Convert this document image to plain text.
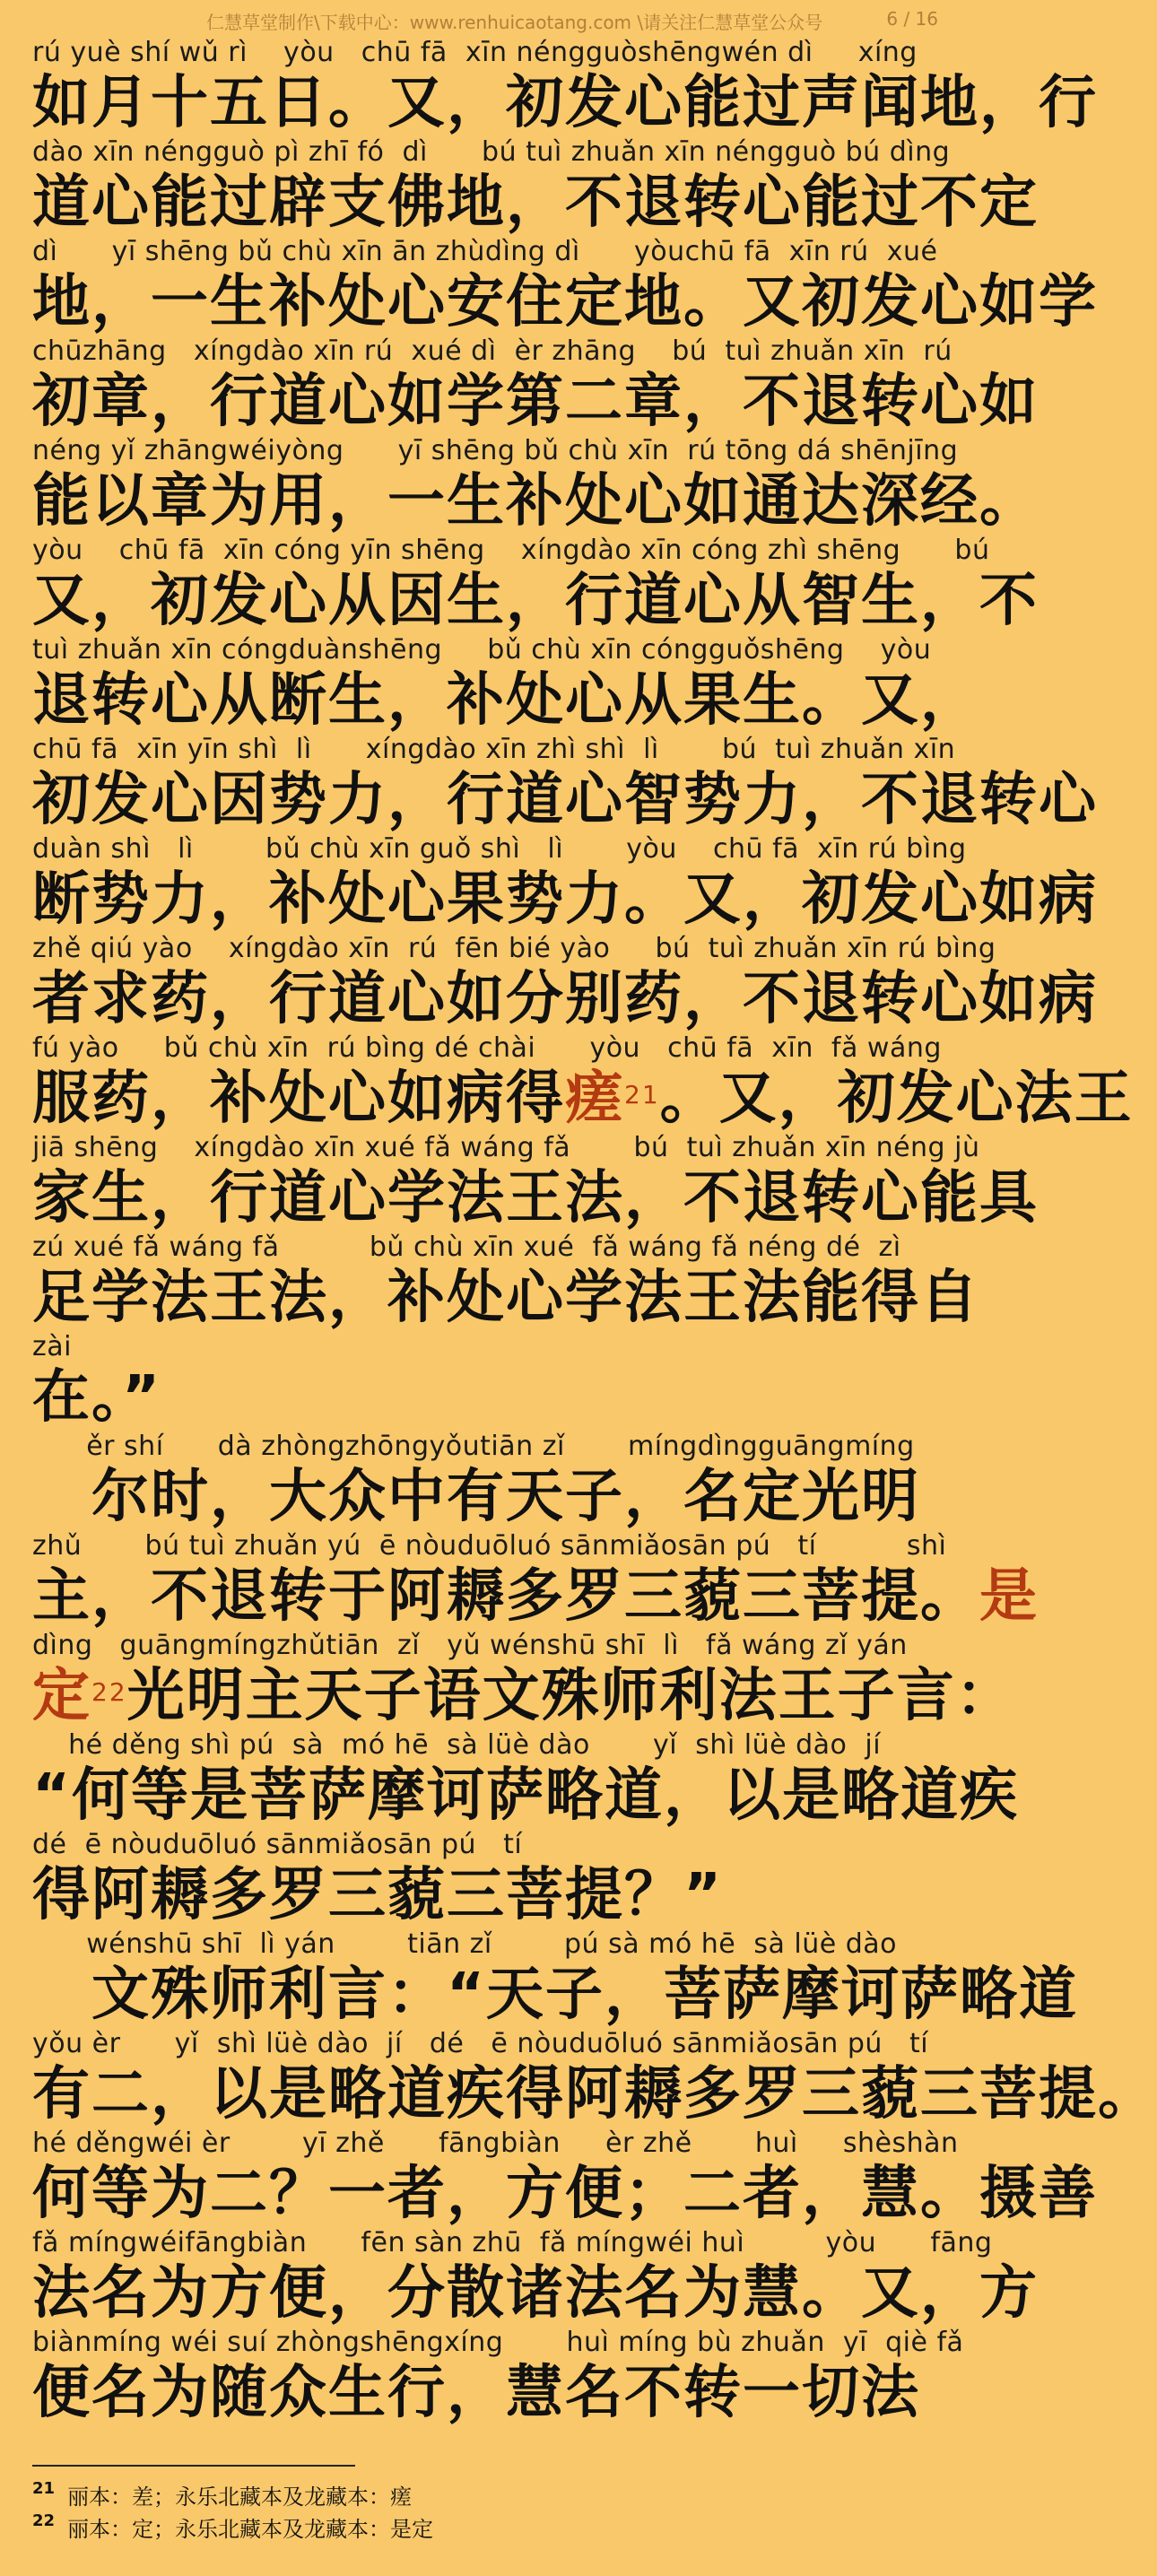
仁慧草堂制作\下载中心：www.renhuicaotang.com \请关注仁慧草堂公众号	6 / 16
rú yuè shí wǔ rì    yòu   chū fā  xīn néngguòshēngwén dì     xíng
如月十五日。又，初发心能过声闻地，行
dào xīn néngguò pì zhī fó  dì      bú tuì zhuǎn xīn néngguò bú dìng
道心能过辟支佛地，不退转心能过不定
dì      yī shēng bǔ chù xīn ān zhùdìng dì      yòuchū fā  xīn rú  xué
地，一生补处心安住定地。又初发心如学
chūzhāng   xíngdào xīn rú  xué dì  èr zhāng    bú  tuì zhuǎn xīn  rú
初章，行道心如学第二章，不退转心如
néng yǐ zhāngwéiyòng      yī shēng bǔ chù xīn  rú tōng dá shēnjīng
能以章为用，一生补处心如通达深经。
yòu    chū fā  xīn cóng yīn shēng    xíngdào xīn cóng zhì shēng      bú
又，初发心从因生，行道心从智生，不
tuì zhuǎn xīn cóngduànshēng     bǔ chù xīn cóngguǒshēng    yòu
退转心从断生，补处心从果生。又，
chū fā  xīn yīn shì  lì      xíngdào xīn zhì shì  lì       bú  tuì zhuǎn xīn
初发心因势力，行道心智势力，不退转心
duàn shì   lì        bǔ chù xīn guǒ shì   lì       yòu    chū fā  xīn rú bìng
断势力，补处心果势力。又，初发心如病
zhě qiú yào    xíngdào xīn  rú  fēn bié yào     bú  tuì zhuǎn xīn rú bìng
者求药，行道心如分别药，不退转心如病
fú yào     bǔ chù xīn  rú bìng dé chài      yòu   chū fā  xīn  fǎ wáng
服药，补处心如病得瘥$^{21}$。又，初发心法王
jiā shēng    xíngdào xīn xué fǎ wáng fǎ       bú  tuì zhuǎn xīn néng jù
家生，行道心学法王法，不退转心能具
zú xué fǎ wáng fǎ          bǔ chù xīn xué  fǎ wáng fǎ néng dé  zì
足学法王法，补处心学法王法能得自
zài
在。”
ěr shí      dà zhòngzhōngyǒutiān zǐ       míngdìngguāngmíng
　尔时，大众中有天子，名定光明
zhǔ       bú tuì zhuǎn yú  ē nòuduōluó sānmiǎosān pú   tí          shì
主，不退转于阿耨多罗三藐三菩提。是
dìng   guāngmíngzhǔtiān  zǐ   yǔ wénshū shī  lì   fǎ wáng zǐ yán
定$^{22}$光明主天子语文殊师利法王子言：
hé děng shì pú  sà  mó hē  sà lüè dào       yǐ  shì lüè dào  jí
“何等是菩萨摩诃萨略道，以是略道疾
dé  ē nòuduōluó sānmiǎosān pú   tí
得阿耨多罗三藐三菩提？”
wénshū shī  lì yán        tiān zǐ        pú sà mó hē  sà lüè dào
　文殊师利言：“天子，菩萨摩诃萨略道
yǒu èr      yǐ  shì lüè dào  jí   dé   ē nòuduōluó sānmiǎosān pú   tí
有二，以是略道疾得阿耨多罗三藐三菩提。
hé děngwéi èr        yī zhě      fāngbiàn     èr zhě       huì     shèshàn
何等为二？一者，方便；二者，慧。摄善
fǎ míngwéifāngbiàn      fēn sàn zhū  fǎ míngwéi huì         yòu      fāng
法名为方便，分散诸法名为慧。又，方
biànmíng wéi suí zhòngshēngxíng       huì míng bù zhuǎn  yī  qiè fǎ
便名为随众生行，慧名不转一切法
$^{21}$ 丽本：差；永乐北藏本及龙藏本：瘥
$^{22}$ 丽本：定；永乐北藏本及龙藏本：是定
